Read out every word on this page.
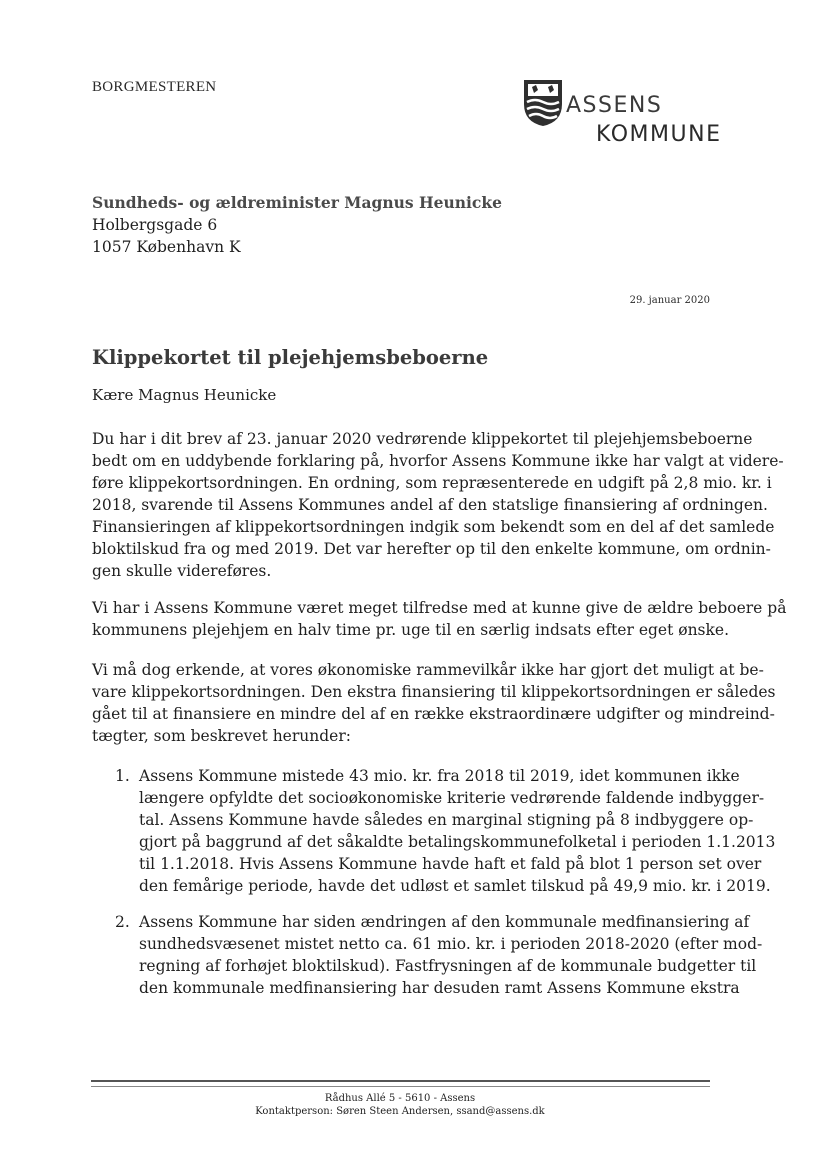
BORGMESTEREN
ASSENS
KOMMUNE
Sundheds- og ældreminister Magnus Heunicke
Holbergsgade 6
1057 København K
29. januar 2020
Klippekortet til plejehjemsbeboerne
Kære Magnus Heunicke

Du har i dit brev af 23. januar 2020 vedrørende klippekortet til plejehjemsbeboerne
bedt om en uddybende forklaring på, hvorfor Assens Kommune ikke har valgt at videre-
føre klippekortsordningen. En ordning, som repræsenterede en udgift på 2,8 mio. kr. i
2018, svarende til Assens Kommunes andel af den statslige finansiering af ordningen.
Finansieringen af klippekortsordningen indgik som bekendt som en del af det samlede
bloktilskud fra og med 2019. Det var herefter op til den enkelte kommune, om ordnin-
gen skulle videreføres.

Vi har i Assens Kommune været meget tilfredse med at kunne give de ældre beboere på
kommunens plejehjem en halv time pr. uge til en særlig indsats efter eget ønske.

Vi må dog erkende, at vores økonomiske rammevilkår ikke har gjort det muligt at be-
vare klippekortsordningen. Den ekstra finansiering til klippekortsordningen er således
gået til at finansiere en mindre del af en række ekstraordinære udgifter og mindreind-
tægter, som beskrevet herunder:

1. Assens Kommune mistede 43 mio. kr. fra 2018 til 2019, idet kommunen ikke
længere opfyldte det socioøkonomiske kriterie vedrørende faldende indbygger-
tal. Assens Kommune havde således en marginal stigning på 8 indbyggere op-
gjort på baggrund af det såkaldte betalingskommunefolketal i perioden 1.1.2013
til 1.1.2018. Hvis Assens Kommune havde haft et fald på blot 1 person set over
den femårige periode, havde det udløst et samlet tilskud på 49,9 mio. kr. i 2019.
2. Assens Kommune har siden ændringen af den kommunale medfinansiering af
sundhedsvæsenet mistet netto ca. 61 mio. kr. i perioden 2018-2020 (efter mod-
regning af forhøjet bloktilskud). Fastfrysningen af de kommunale budgetter til
den kommunale medfinansiering har desuden ramt Assens Kommune ekstra
Rådhus Allé 5 - 5610 - Assens
Kontaktperson: Søren Steen Andersen, ssand@assens.dk
